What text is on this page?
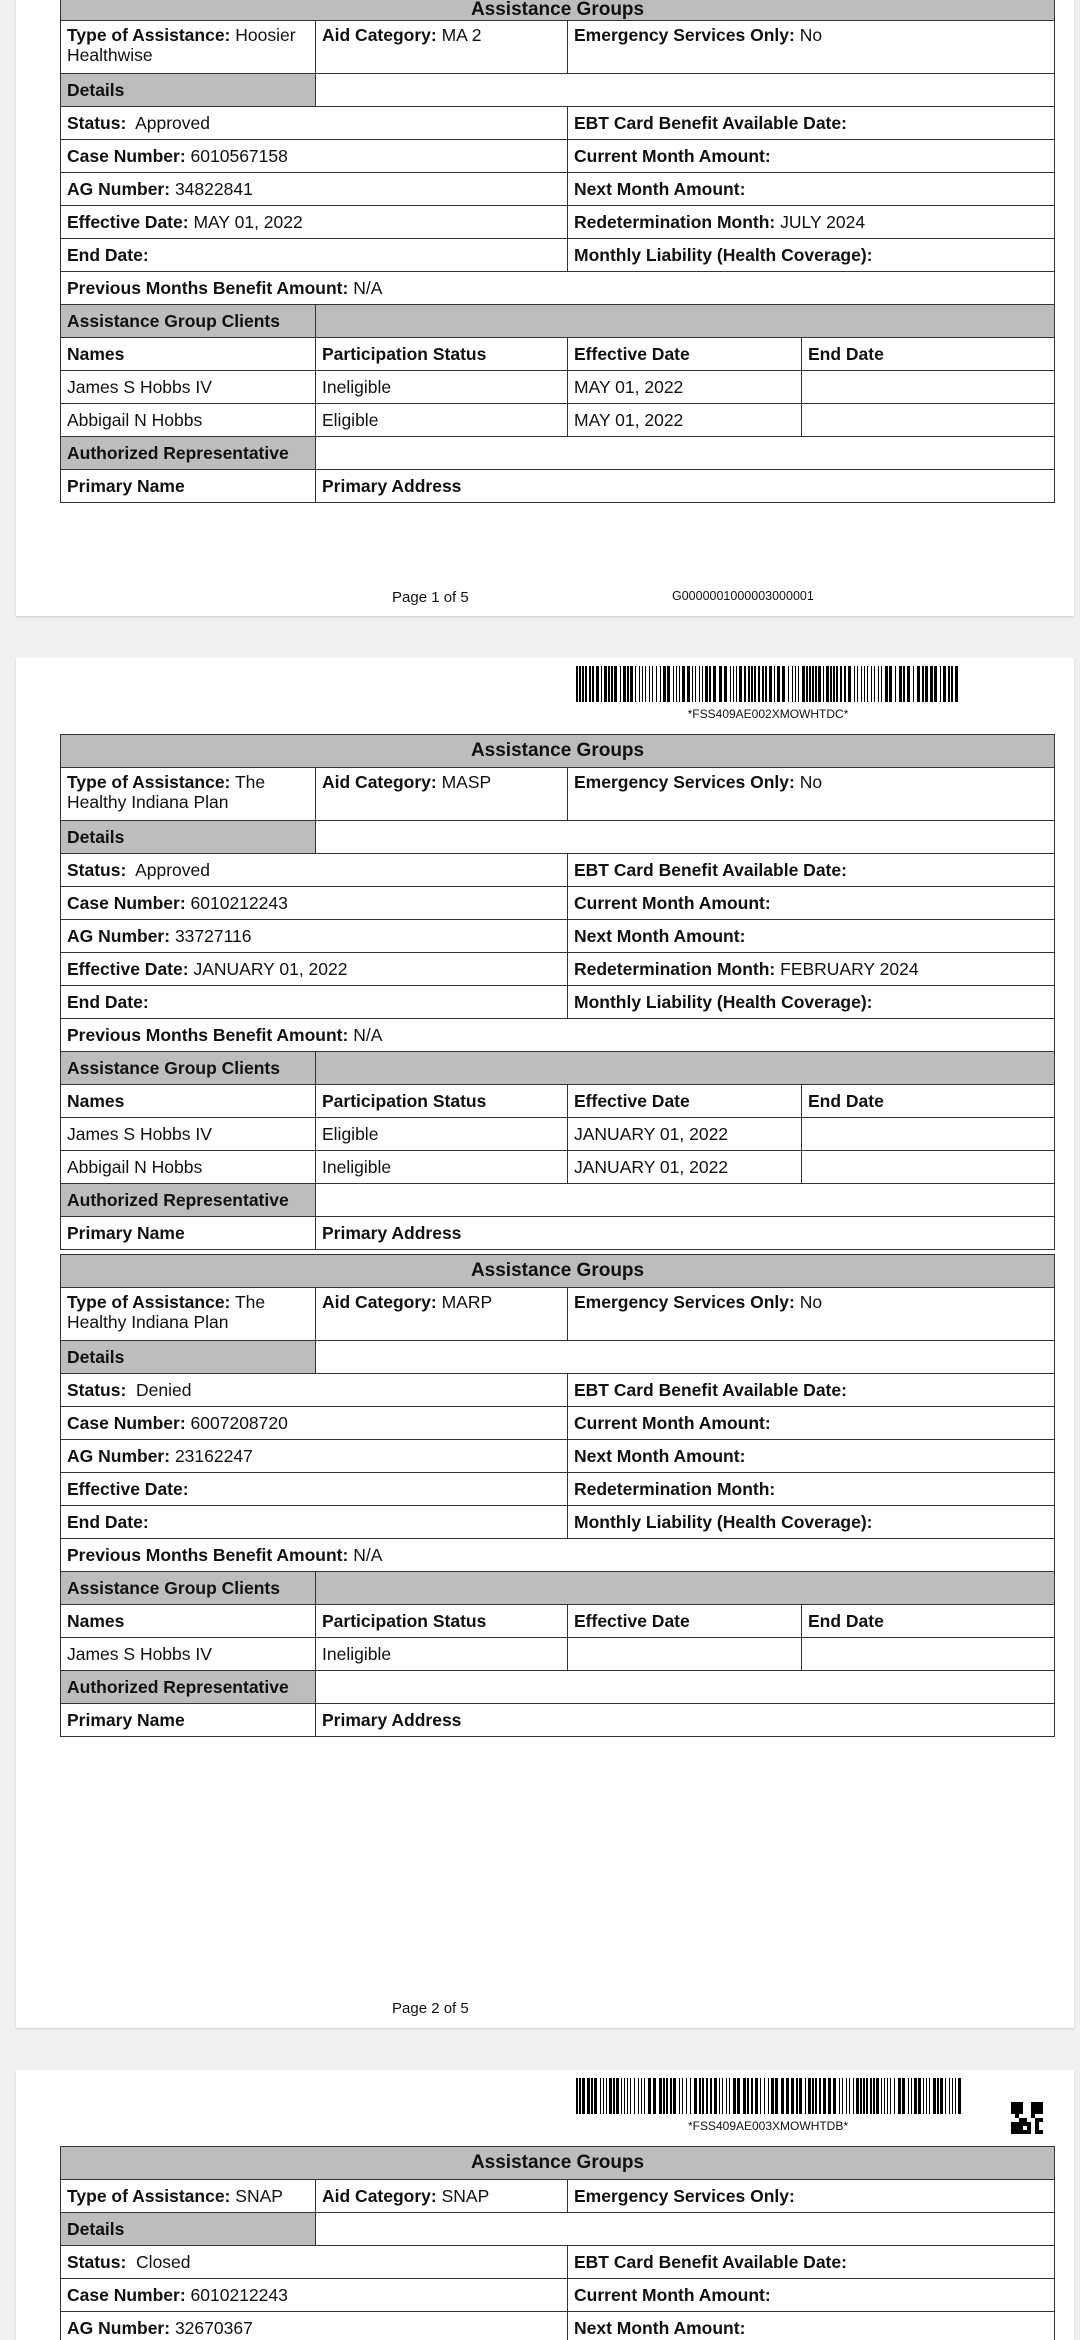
Assistance Groups			
Type of Assistance: Hoosier Healthwise	Aid Category: MA 2	Emergency Services Only: No	
Details			
Status: Approved		EBT Card Benefit Available Date:	
Case Number: 6010567158		Current Month Amount:	
AG Number: 34822841		Next Month Amount:	
Effective Date: MAY 01, 2022		Redetermination Month: JULY 2024	
End Date:		Monthly Liability (Health Coverage):	
Previous Months Benefit Amount: N/A			
Assistance Group Clients			
Names	Participation Status	Effective Date	End Date
James S Hobbs IV	Ineligible	MAY 01, 2022	
Abbigail N Hobbs	Eligible	MAY 01, 2022	
Authorized Representative			
Primary Name	Primary Address		
Page 1 of 5	G0000001000003000001
*FSS409AE002XMOWHTDC*
Assistance Groups			
Type of Assistance: The Healthy Indiana Plan	Aid Category: MASP	Emergency Services Only: No	
Details			
Status: Approved		EBT Card Benefit Available Date:	
Case Number: 6010212243		Current Month Amount:	
AG Number: 33727116		Next Month Amount:	
Effective Date: JANUARY 01, 2022		Redetermination Month: FEBRUARY 2024	
End Date:		Monthly Liability (Health Coverage):	
Previous Months Benefit Amount: N/A			
Assistance Group Clients			
Names	Participation Status	Effective Date	End Date
James S Hobbs IV	Eligible	JANUARY 01, 2022	
Abbigail N Hobbs	Ineligible	JANUARY 01, 2022	
Authorized Representative			
Primary Name	Primary Address		
Assistance Groups			
Type of Assistance: The Healthy Indiana Plan	Aid Category: MARP	Emergency Services Only: No	
Details			
Status: Denied		EBT Card Benefit Available Date:	
Case Number: 6007208720		Current Month Amount:	
AG Number: 23162247		Next Month Amount:	
Effective Date:		Redetermination Month:	
End Date:		Monthly Liability (Health Coverage):	
Previous Months Benefit Amount: N/A			
Assistance Group Clients			
Names	Participation Status	Effective Date	End Date
James S Hobbs IV	Ineligible		
Authorized Representative			
Primary Name	Primary Address		
Page 2 of 5
*FSS409AE003XMOWHTDB*
Assistance Groups		
Type of Assistance: SNAP	Aid Category: SNAP	Emergency Services Only:
Details		
Status: Closed		EBT Card Benefit Available Date:
Case Number: 6010212243		Current Month Amount:
AG Number: 32670367		Next Month Amount:
